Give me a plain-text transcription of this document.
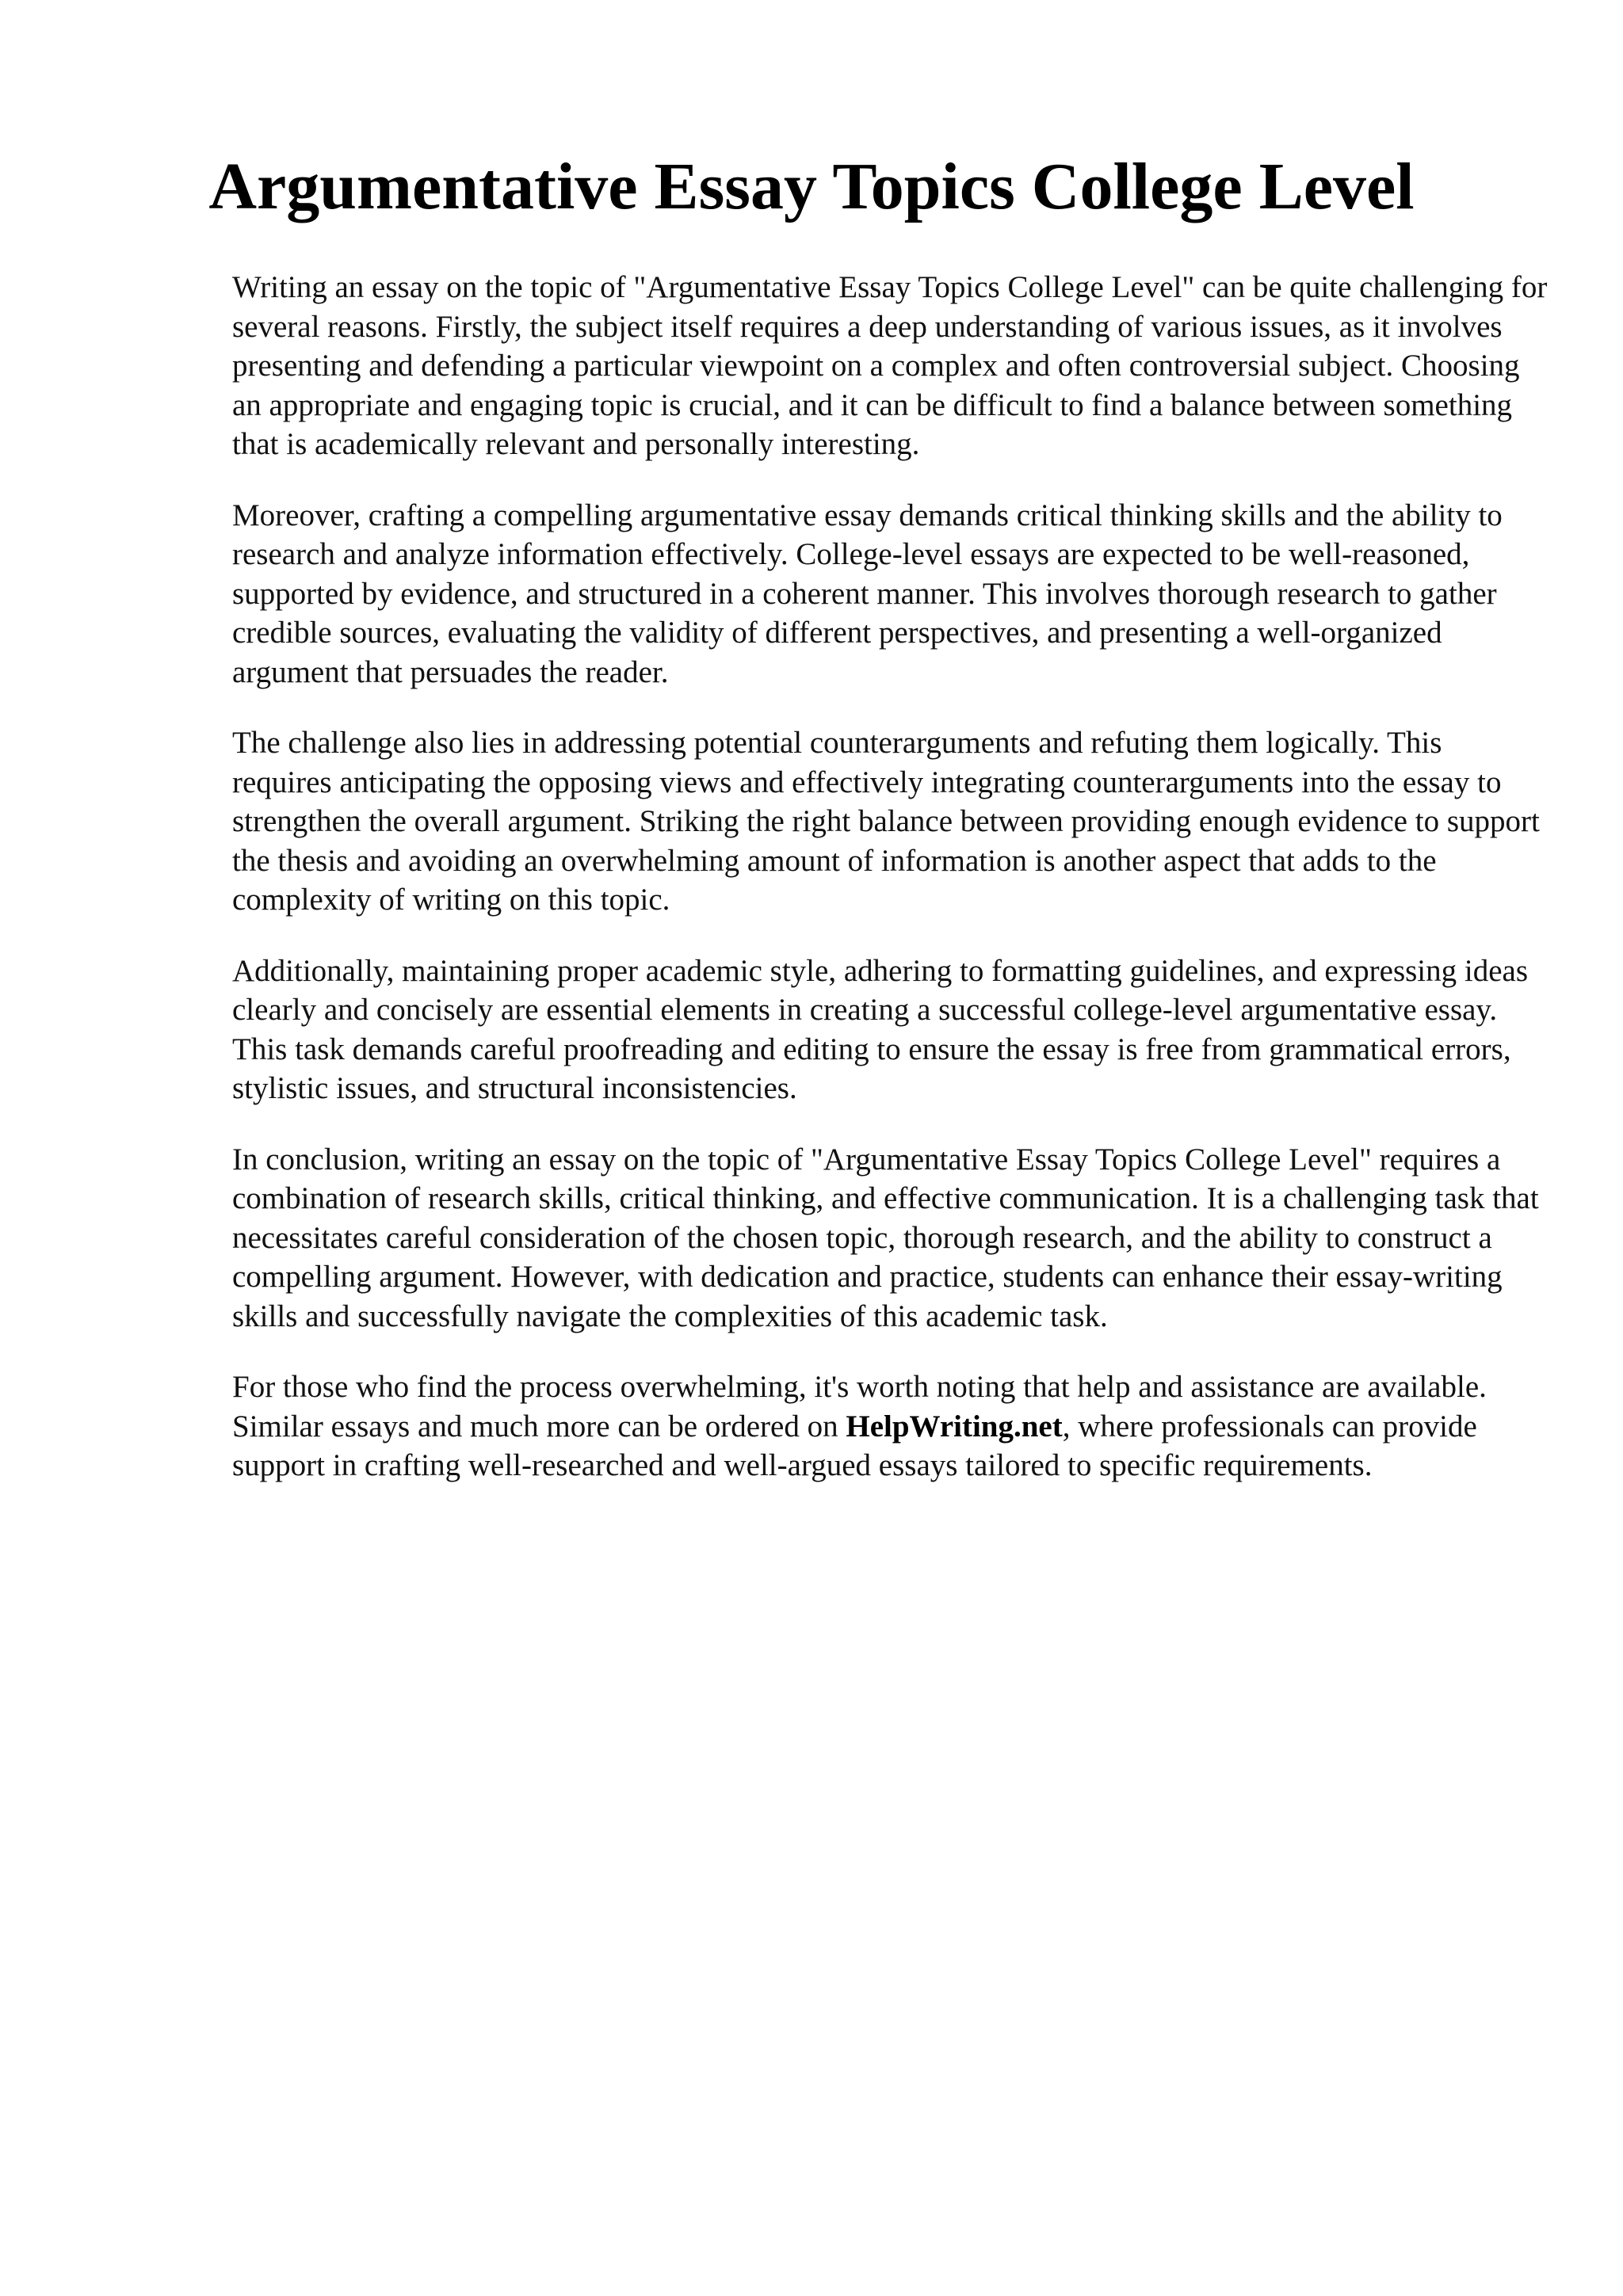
Argumentative Essay Topics College Level

Writing an essay on the topic of "Argumentative Essay Topics College Level" can be quite challenging for several reasons. Firstly, the subject itself requires a deep understanding of various issues, as it involves presenting and defending a particular viewpoint on a complex and often controversial subject. Choosing an appropriate and engaging topic is crucial, and it can be difficult to find a balance between something that is academically relevant and personally interesting.

Moreover, crafting a compelling argumentative essay demands critical thinking skills and the ability to research and analyze information effectively. College-level essays are expected to be well-reasoned, supported by evidence, and structured in a coherent manner. This involves thorough research to gather credible sources, evaluating the validity of different perspectives, and presenting a well-organized argument that persuades the reader.

The challenge also lies in addressing potential counterarguments and refuting them logically. This requires anticipating the opposing views and effectively integrating counterarguments into the essay to strengthen the overall argument. Striking the right balance between providing enough evidence to support the thesis and avoiding an overwhelming amount of information is another aspect that adds to the complexity of writing on this topic.

Additionally, maintaining proper academic style, adhering to formatting guidelines, and expressing ideas clearly and concisely are essential elements in creating a successful college-level argumentative essay. This task demands careful proofreading and editing to ensure the essay is free from grammatical errors, stylistic issues, and structural inconsistencies.

In conclusion, writing an essay on the topic of "Argumentative Essay Topics College Level" requires a combination of research skills, critical thinking, and effective communication. It is a challenging task that necessitates careful consideration of the chosen topic, thorough research, and the ability to construct a compelling argument. However, with dedication and practice, students can enhance their essay-writing skills and successfully navigate the complexities of this academic task.

For those who find the process overwhelming, it's worth noting that help and assistance are available. Similar essays and much more can be ordered on HelpWriting.net, where professionals can provide support in crafting well-researched and well-argued essays tailored to specific requirements.
